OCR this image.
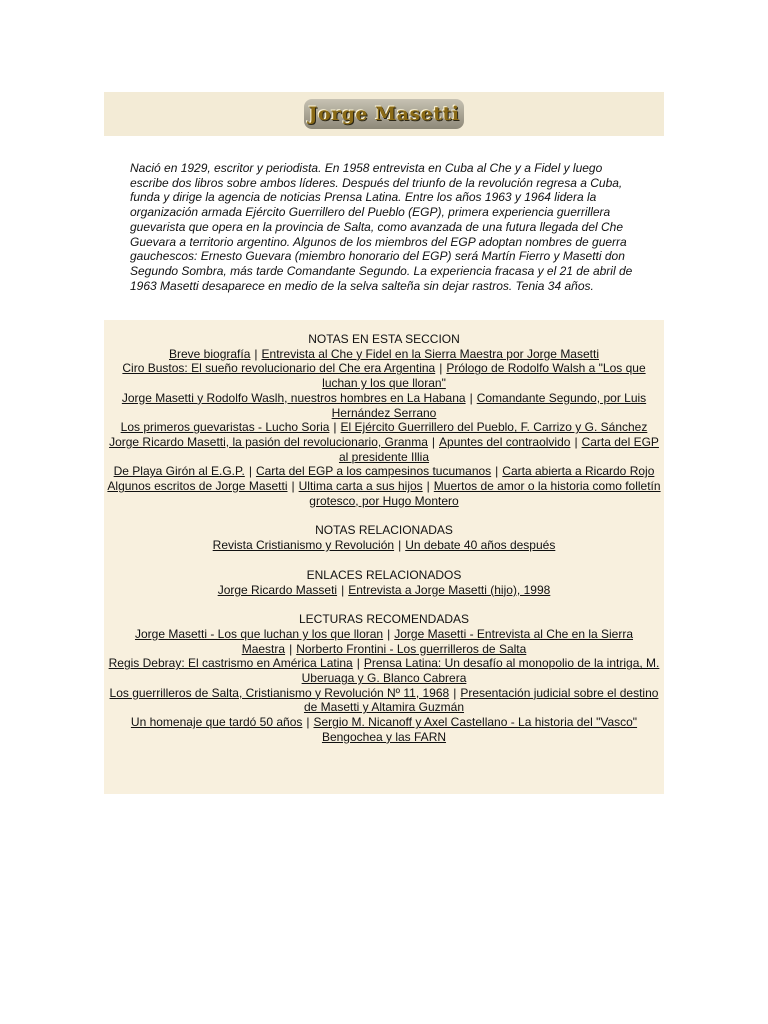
Jorge Masetti

Nació en 1929, escritor y periodista. En 1958 entrevista en Cuba al Che y a Fidel y luego escribe dos libros sobre ambos líderes. Después del triunfo de la revolución regresa a Cuba, funda y dirige la agencia de noticias Prensa Latina. Entre los años 1963 y 1964 lidera la organización armada Ejército Guerrillero del Pueblo (EGP), primera experiencia guerrillera guevarista que opera en la provincia de Salta, como avanzada de una futura llegada del Che Guevara a territorio argentino. Algunos de los miembros del EGP adoptan nombres de guerra gauchescos: Ernesto Guevara (miembro honorario del EGP) será Martín Fierro y Masetti don Segundo Sombra, más tarde Comandante Segundo. La experiencia fracasa y el 21 de abril de 1963 Masetti desaparece en medio de la selva salteña sin dejar rastros. Tenia 34 años.

NOTAS EN ESTA SECCION
Breve biografía | Entrevista al Che y Fidel en la Sierra Maestra por Jorge Masetti
Ciro Bustos: El sueño revolucionario del Che era Argentina | Prólogo de Rodolfo Walsh a "Los que luchan y los que lloran"
Jorge Masetti y Rodolfo Waslh, nuestros hombres en La Habana | Comandante Segundo, por Luis Hernández Serrano
Los primeros guevaristas - Lucho Soria | El Ejército Guerrillero del Pueblo, F. Carrizo y G. Sánchez
Jorge Ricardo Masetti, la pasión del revolucionario, Granma | Apuntes del contraolvido | Carta del EGP al presidente Illia
De Playa Girón al E.G.P. | Carta del EGP a los campesinos tucumanos | Carta abierta a Ricardo Rojo
Algunos escritos de Jorge Masetti | Ultima carta a sus hijos | Muertos de amor o la historia como folletín grotesco, por Hugo Montero
NOTAS RELACIONADAS
Revista Cristianismo y Revolución | Un debate 40 años después
ENLACES RELACIONADOS
Jorge Ricardo Masseti | Entrevista a Jorge Masetti (hijo), 1998
LECTURAS RECOMENDADAS
Jorge Masetti - Los que luchan y los que lloran | Jorge Masetti - Entrevista al Che en la Sierra Maestra | Norberto Frontini - Los guerrilleros de Salta
Regis Debray: El castrismo en América Latina | Prensa Latina: Un desafío al monopolio de la intriga, M. Uberuaga y G. Blanco Cabrera
Los guerrilleros de Salta, Cristianismo y Revolución Nº 11, 1968 | Presentación judicial sobre el destino de Masetti y Altamira Guzmán
Un homenaje que tardó 50 años | Sergio M. Nicanoff y Axel Castellano - La historia del "Vasco" Bengochea y las FARN
